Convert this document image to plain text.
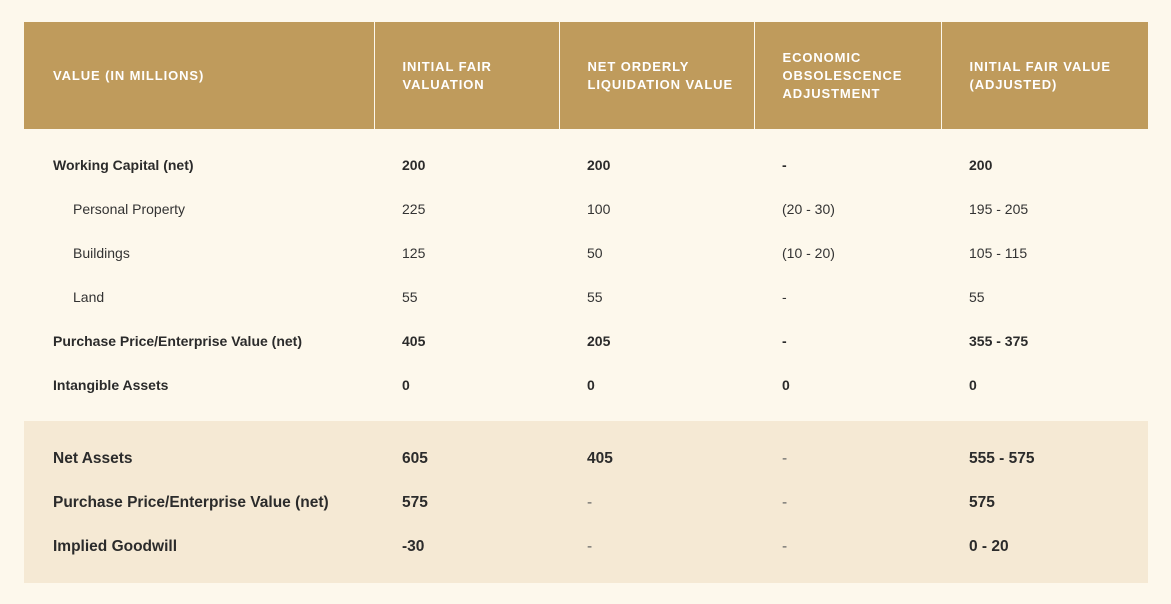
VALUE (IN MILLIONS)	INITIAL FAIR VALUATION	NET ORDERLY LIQUIDATION VALUE	ECONOMIC OBSOLESCENCE ADJUSTMENT	INITIAL FAIR VALUE (ADJUSTED)
Working Capital (net)	200	200	-	200
Personal Property	225	100	(20 - 30)	195 - 205
Buildings	125	50	(10 - 20)	105 - 115
Land	55	55	-	55
Purchase Price/Enterprise Value (net)	405	205	-	355 - 375
Intangible Assets	0	0	0	0
Net Assets	605	405	-	555 - 575
Purchase Price/Enterprise Value (net)	575	-	-	575
Implied Goodwill	-30	-	-	0 - 20
